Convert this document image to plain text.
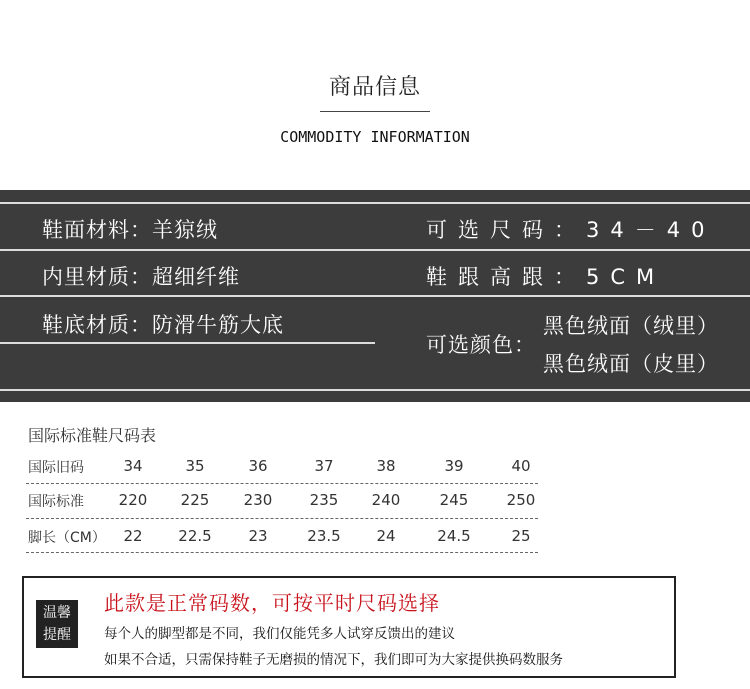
商品信息
COMMODITY INFORMATION
鞋面材料：羊猄绒	可选尺码：34－40
内里材质：超细纤维	鞋跟高跟：5CM
鞋底材质：防滑牛筋大底
可选颜色：
黑色绒面（绒里）
黑色绒面（皮里）
国际标准鞋尺码表
国际旧码	34	35	36	37	38	39	40
国际标准	220	225	230	235	240	245	250
脚长（CM）	22	22.5	23	23.5	24	24.5	25
温馨
提醒
此款是正常码数，可按平时尺码选择
每个人的脚型都是不同，我们仅能凭多人试穿反馈出的建议
如果不合适，只需保持鞋子无磨损的情况下，我们即可为大家提供换码数服务
